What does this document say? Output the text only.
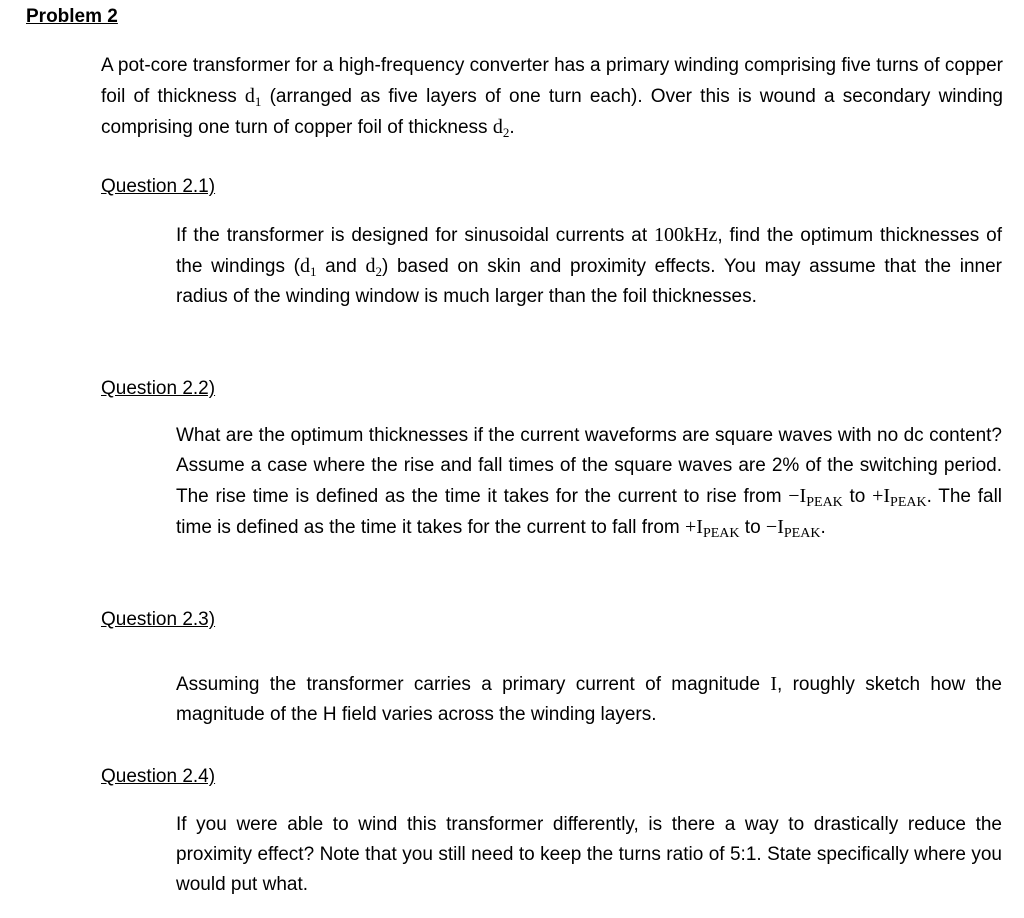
Problem 2
A pot-core transformer for a high-frequency converter has a primary winding comprising five turns of copper foil of thickness $d_1$ (arranged as five layers of one turn each). Over this is wound a secondary winding comprising one turn of copper foil of thickness $d_2$.
Question 2.1)
If the transformer is designed for sinusoidal currents at 100kHz, find the optimum thicknesses of the windings ($d_1$ and $d_2$) based on skin and proximity effects. You may assume that the inner radius of the winding window is much larger than the foil thicknesses.
Question 2.2)
What are the optimum thicknesses if the current waveforms are square waves with no dc content? Assume a case where the rise and fall times of the square waves are 2% of the switching period. The rise time is defined as the time it takes for the current to rise from $-I_{PEAK}$ to $+I_{PEAK}$. The fall time is defined as the time it takes for the current to fall from $+I_{PEAK}$ to $-I_{PEAK}$.
Question 2.3)
Assuming the transformer carries a primary current of magnitude I, roughly sketch how the magnitude of the H field varies across the winding layers.
Question 2.4)
If you were able to wind this transformer differently, is there a way to drastically reduce the proximity effect? Note that you still need to keep the turns ratio of 5:1. State specifically where you would put what.
